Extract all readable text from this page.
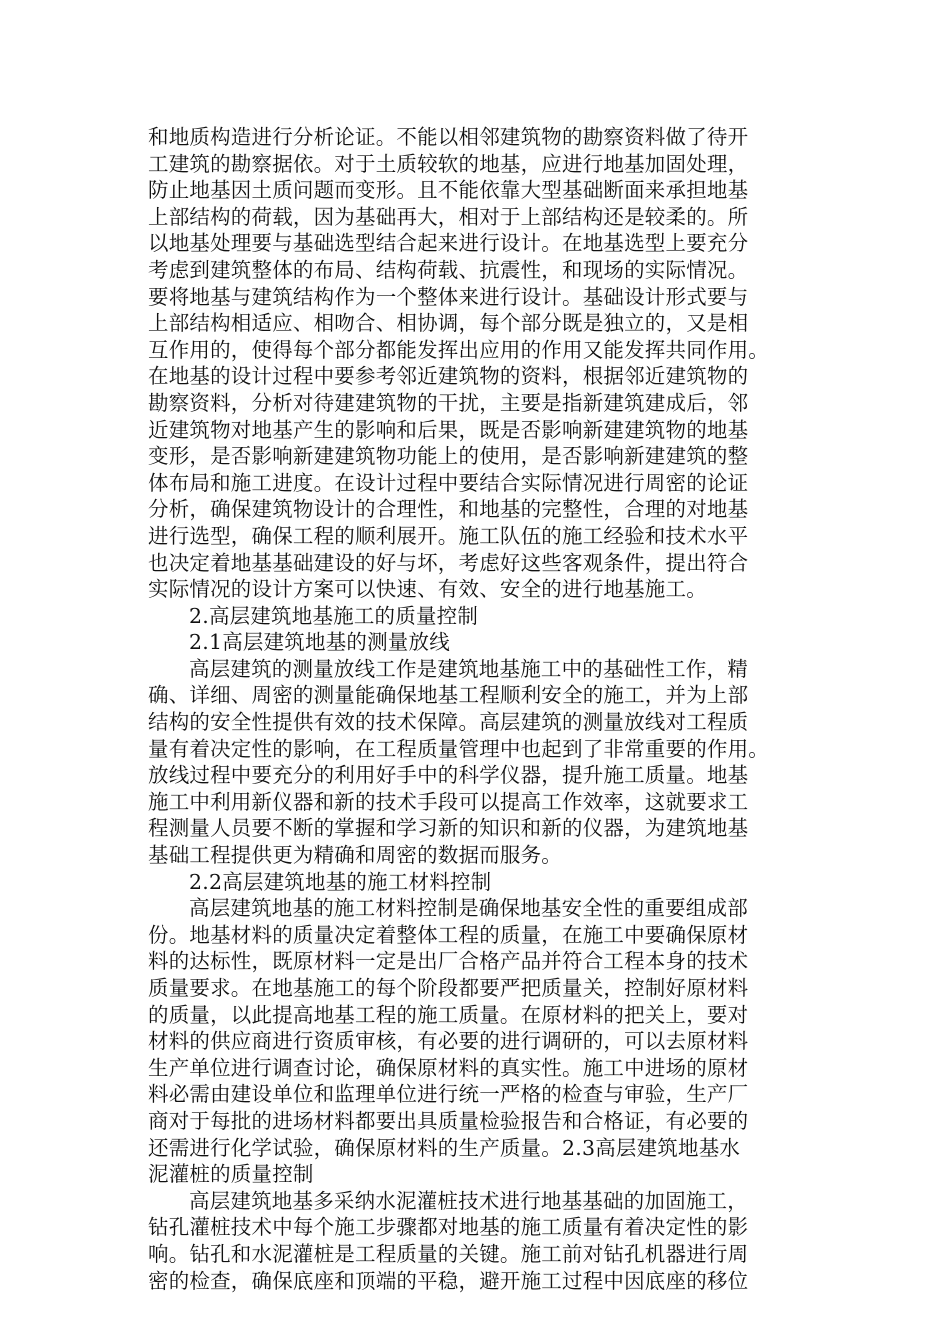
和地质构造进行分析论证。不能以相邻建筑物的勘察资料做了待开
工建筑的勘察据依。对于土质较软的地基，应进行地基加固处理，
防止地基因土质问题而变形。且不能依靠大型基础断面来承担地基
上部结构的荷载，因为基础再大，相对于上部结构还是较柔的。所
以地基处理要与基础选型结合起来进行设计。在地基选型上要充分
考虑到建筑整体的布局、结构荷载、抗震性，和现场的实际情况。
要将地基与建筑结构作为一个整体来进行设计。基础设计形式要与
上部结构相适应、相吻合、相协调，每个部分既是独立的，又是相
互作用的，使得每个部分都能发挥出应用的作用又能发挥共同作用。
在地基的设计过程中要参考邻近建筑物的资料，根据邻近建筑物的
勘察资料，分析对待建建筑物的干扰，主要是指新建筑建成后，邻
近建筑物对地基产生的影响和后果，既是否影响新建建筑物的地基
变形，是否影响新建建筑物功能上的使用，是否影响新建建筑的整
体布局和施工进度。在设计过程中要结合实际情况进行周密的论证
分析，确保建筑物设计的合理性，和地基的完整性，合理的对地基
进行选型，确保工程的顺利展开。施工队伍的施工经验和技术水平
也决定着地基基础建设的好与坏，考虑好这些客观条件，提出符合
实际情况的设计方案可以快速、有效、安全的进行地基施工。
2.高层建筑地基施工的质量控制
2.1高层建筑地基的测量放线
高层建筑的测量放线工作是建筑地基施工中的基础性工作，精
确、详细、周密的测量能确保地基工程顺利安全的施工，并为上部
结构的安全性提供有效的技术保障。高层建筑的测量放线对工程质
量有着决定性的影响，在工程质量管理中也起到了非常重要的作用。
放线过程中要充分的利用好手中的科学仪器，提升施工质量。地基
施工中利用新仪器和新的技术手段可以提高工作效率，这就要求工
程测量人员要不断的掌握和学习新的知识和新的仪器，为建筑地基
基础工程提供更为精确和周密的数据而服务。
2.2高层建筑地基的施工材料控制
高层建筑地基的施工材料控制是确保地基安全性的重要组成部
份。地基材料的质量决定着整体工程的质量，在施工中要确保原材
料的达标性，既原材料一定是出厂合格产品并符合工程本身的技术
质量要求。在地基施工的每个阶段都要严把质量关，控制好原材料
的质量，以此提高地基工程的施工质量。在原材料的把关上，要对
材料的供应商进行资质审核，有必要的进行调研的，可以去原材料
生产单位进行调查讨论，确保原材料的真实性。施工中进场的原材
料必需由建设单位和监理单位进行统一严格的检查与审验，生产厂
商对于每批的进场材料都要出具质量检验报告和合格证，有必要的
还需进行化学试验，确保原材料的生产质量。2.3高层建筑地基水
泥灌桩的质量控制
高层建筑地基多采纳水泥灌桩技术进行地基基础的加固施工，
钻孔灌桩技术中每个施工步骤都对地基的施工质量有着决定性的影
响。钻孔和水泥灌桩是工程质量的关键。施工前对钻孔机器进行周
密的检查，确保底座和顶端的平稳，避开施工过程中因底座的移位
